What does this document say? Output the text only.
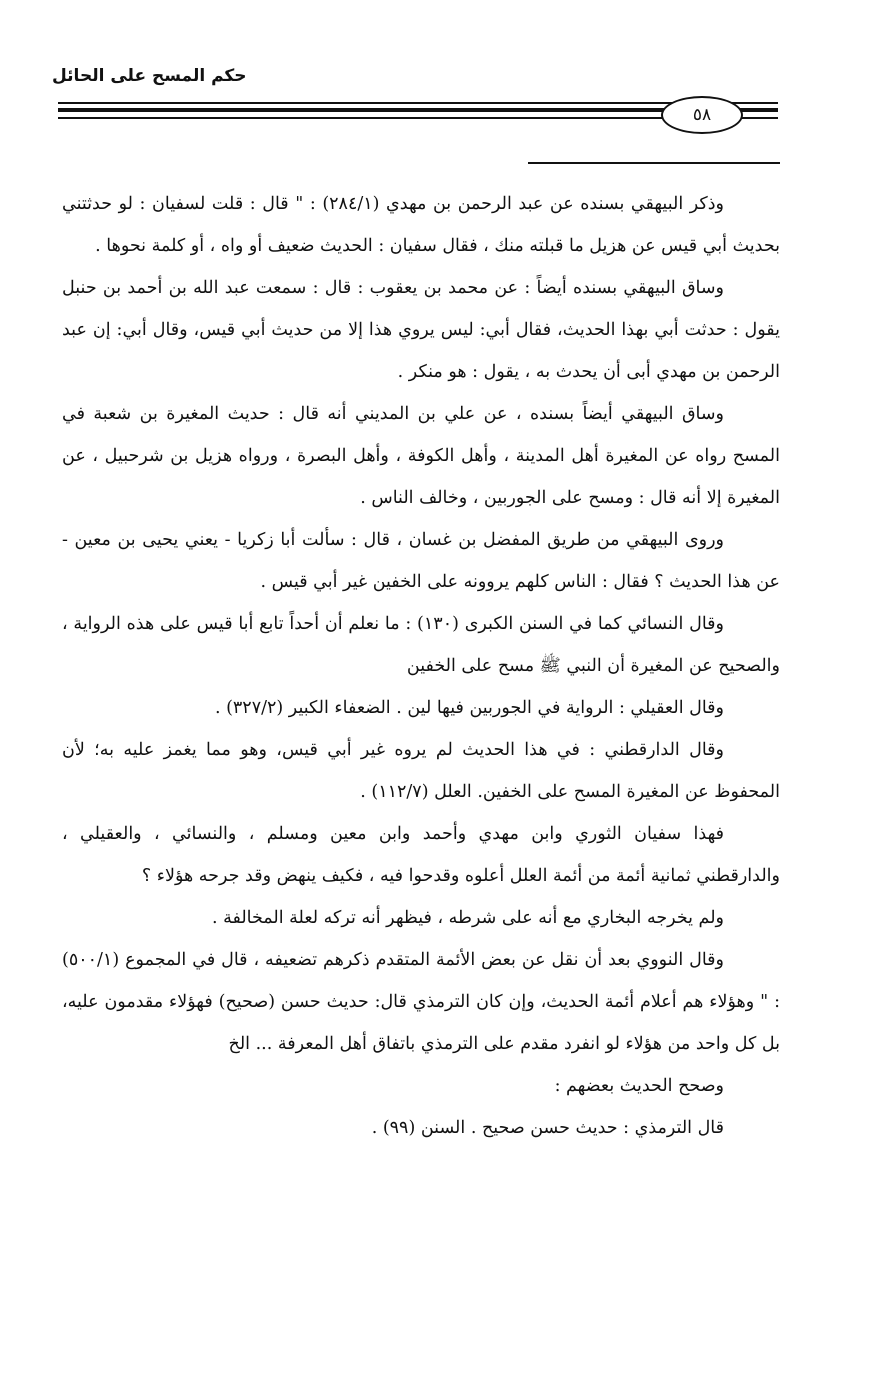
حكم المسح على الحائل
٥٨

وذكر البيهقي بسنده عن عبد الرحمن بن مهدي (٢٨٤/١) : " قال : قلت لسفيان : لو حدثتني بحديث أبي قيس عن هزيل ما قبلته منك ، فقال سفيان : الحديث ضعيف أو واه ، أو كلمة نحوها .

وساق البيهقي بسنده أيضاً : عن محمد بن يعقوب : قال : سمعت عبد الله بن أحمد بن حنبل يقول : حدثت أبي بهذا الحديث، فقال أبي: ليس يروي هذا إلا من حديث أبي قيس، وقال أبي: إن عبد الرحمن بن مهدي أبى أن يحدث به ، يقول : هو منكر .

وساق البيهقي أيضاً بسنده ، عن علي بن المديني أنه قال : حديث المغيرة بن شعبة في المسح رواه عن المغيرة أهل المدينة ، وأهل الكوفة ، وأهل البصرة ، ورواه هزيل بن شرحبيل ، عن المغيرة إلا أنه قال : ومسح على الجوربين ، وخالف الناس .

وروى البيهقي من طريق المفضل بن غسان ، قال : سألت أبا زكريا - يعني يحيى بن معين - عن هذا الحديث ؟ فقال : الناس كلهم يروونه على الخفين غير أبي قيس .

وقال النسائي كما في السنن الكبرى (١٣٠) : ما نعلم أن أحداً تابع أبا قيس على هذه الرواية ، والصحيح عن المغيرة أن النبي ﷺ مسح على الخفين

وقال العقيلي : الرواية في الجوربين فيها لين . الضعفاء الكبير (٣٢٧/٢) .

وقال الدارقطني : في هذا الحديث لم يروه غير أبي قيس، وهو مما يغمز عليه به؛ لأن المحفوظ عن المغيرة المسح على الخفين. العلل (١١٢/٧) .

فهذا سفيان الثوري وابن مهدي وأحمد وابن معين ومسلم ، والنسائي ، والعقيلي ، والدارقطني ثمانية أئمة من أئمة العلل أعلوه وقدحوا فيه ، فكيف ينهض وقد جرحه هؤلاء ؟

ولم يخرجه البخاري مع أنه على شرطه ، فيظهر أنه تركه لعلة المخالفة .

وقال النووي بعد أن نقل عن بعض الأئمة المتقدم ذكرهم تضعيفه ، قال في المجموع (٥٠٠/١) : " وهؤلاء هم أعلام أئمة الحديث، وإن كان الترمذي قال: حديث حسن (صحيح) فهؤلاء مقدمون عليه، بل كل واحد من هؤلاء لو انفرد مقدم على الترمذي باتفاق أهل المعرفة ... الخ

وصحح الحديث بعضهم :

قال الترمذي : حديث حسن صحيح . السنن (٩٩) .
